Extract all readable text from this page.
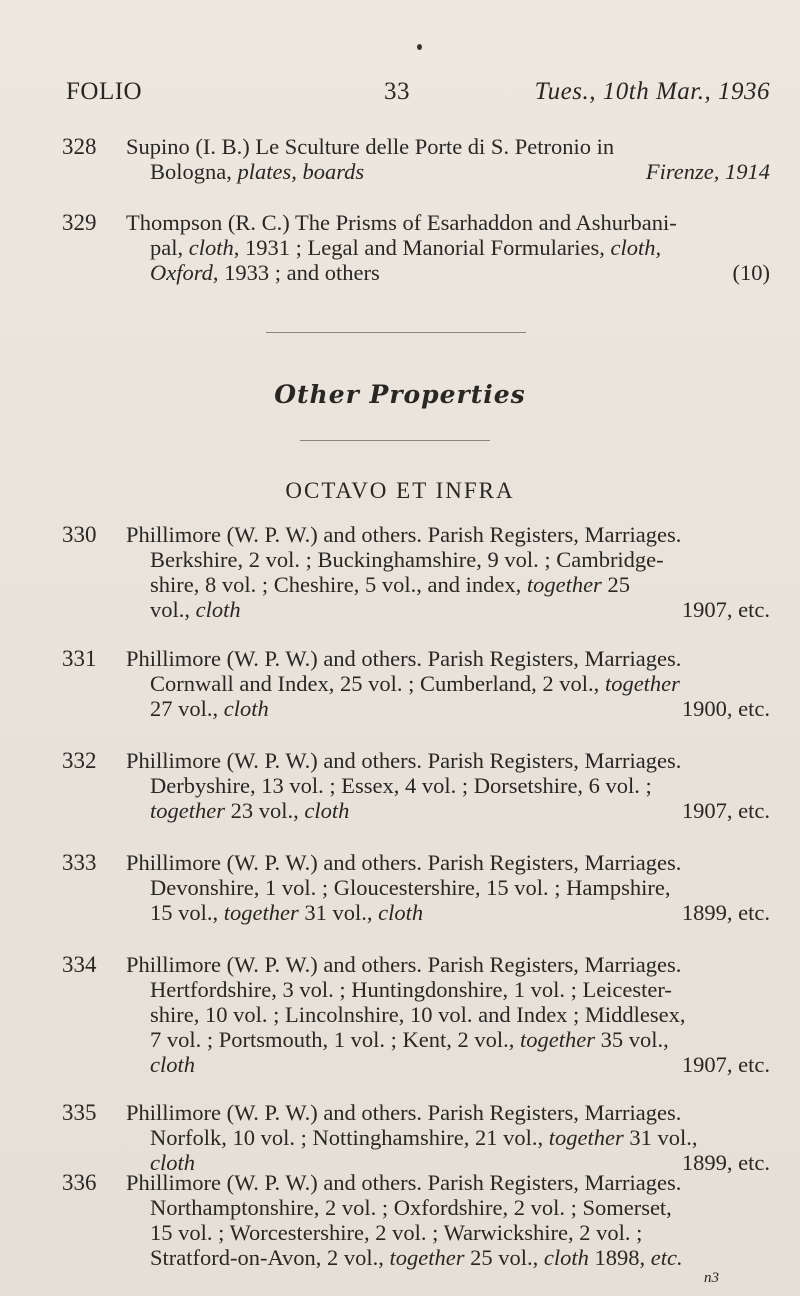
FOLIO	33	Tues., 10th Mar., 1936
328	Supino (I. B.) Le Sculture delle Porte di S. Petronio in
Bologna, plates, boards	Firenze, 1914
329	Thompson (R. C.) The Prisms of Esarhaddon and Ashurbani-
pal, cloth, 1931 ; Legal and Manorial Formularies, cloth,
Oxford, 1933 ; and others	(10)
Other Properties
OCTAVO ET INFRA
330	Phillimore (W. P. W.) and others. Parish Registers, Marriages.
Berkshire, 2 vol. ; Buckinghamshire, 9 vol. ; Cambridge-
shire, 8 vol. ; Cheshire, 5 vol., and index, together 25
vol., cloth	1907, etc.
331	Phillimore (W. P. W.) and others. Parish Registers, Marriages.
Cornwall and Index, 25 vol. ; Cumberland, 2 vol., together
27 vol., cloth	1900, etc.
332	Phillimore (W. P. W.) and others. Parish Registers, Marriages.
Derbyshire, 13 vol. ; Essex, 4 vol. ; Dorsetshire, 6 vol. ;
together 23 vol., cloth	1907, etc.
333	Phillimore (W. P. W.) and others. Parish Registers, Marriages.
Devonshire, 1 vol. ; Gloucestershire, 15 vol. ; Hampshire,
15 vol., together 31 vol., cloth	1899, etc.
334	Phillimore (W. P. W.) and others. Parish Registers, Marriages.
Hertfordshire, 3 vol. ; Huntingdonshire, 1 vol. ; Leicester-
shire, 10 vol. ; Lincolnshire, 10 vol. and Index ; Middlesex,
7 vol. ; Portsmouth, 1 vol. ; Kent, 2 vol., together 35 vol.,
cloth	1907, etc.
335	Phillimore (W. P. W.) and others. Parish Registers, Marriages.
Norfolk, 10 vol. ; Nottinghamshire, 21 vol., together 31 vol.,
cloth	1899, etc.
n3
336	Phillimore (W. P. W.) and others. Parish Registers, Marriages.
Northamptonshire, 2 vol. ; Oxfordshire, 2 vol. ; Somerset,
15 vol. ; Worcestershire, 2 vol. ; Warwickshire, 2 vol. ;
Stratford-on-Avon, 2 vol., together 25 vol., cloth 1898, etc.
